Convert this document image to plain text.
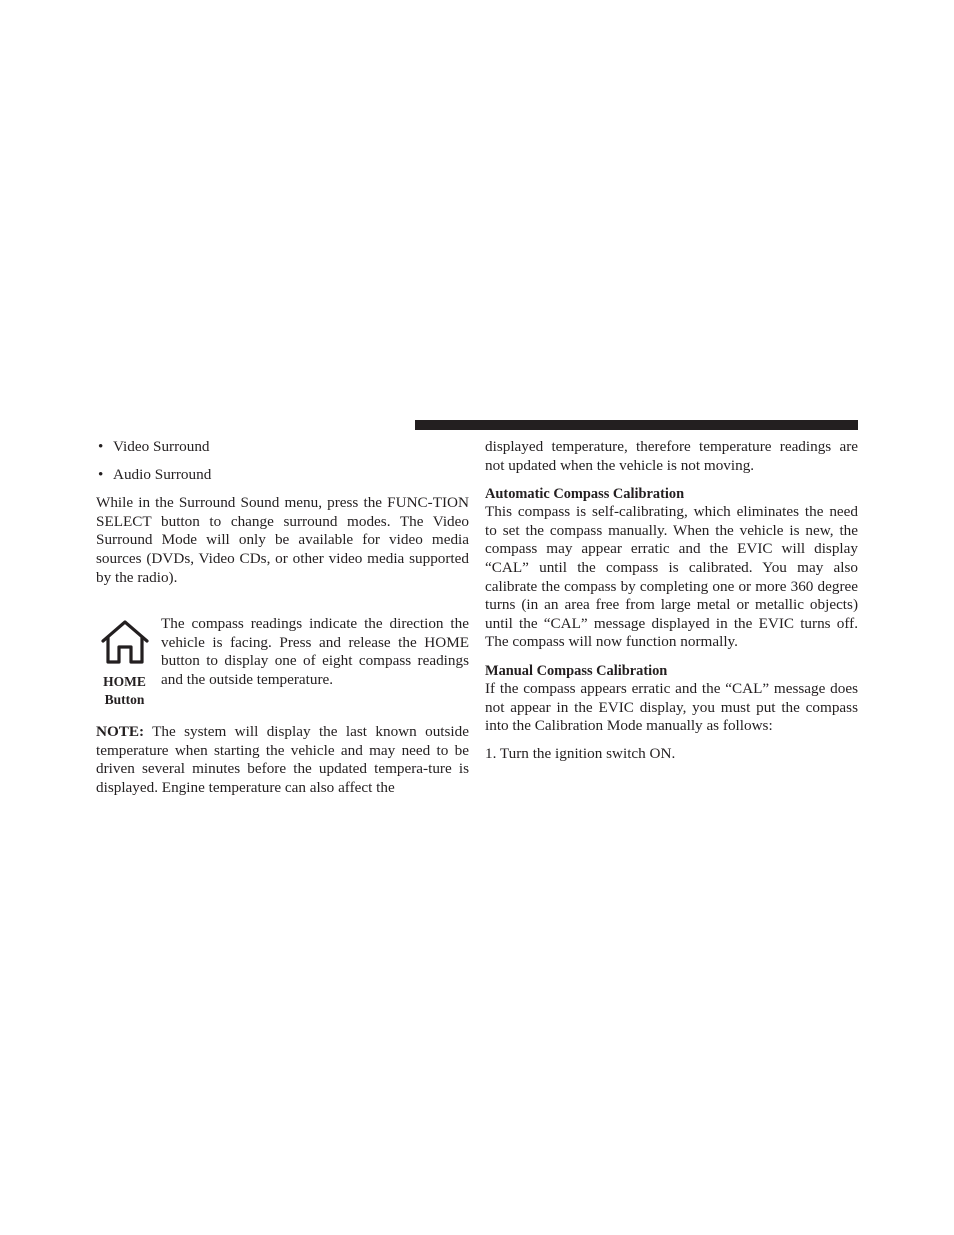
• Video Surround
• Audio Surround

While in the Surround Sound menu, press the FUNC-TION SELECT button to change surround modes. The Video Surround Mode will only be available for video media sources (DVDs, Video CDs, or other video media supported by the radio).

HOME
Button

The compass readings indicate the direction the vehicle is facing. Press and release the HOME button to display one of eight compass readings and the outside temperature.

NOTE: The system will display the last known outside temperature when starting the vehicle and may need to be driven several minutes before the updated tempera-ture is displayed. Engine temperature can also affect the

displayed temperature, therefore temperature readings are not updated when the vehicle is not moving.

Automatic Compass Calibration

This compass is self-calibrating, which eliminates the need to set the compass manually. When the vehicle is new, the compass may appear erratic and the EVIC will display “CAL” until the compass is calibrated. You may also calibrate the compass by completing one or more 360 degree turns (in an area free from large metal or metallic objects) until the “CAL” message displayed in the EVIC turns off. The compass will now function normally.

Manual Compass Calibration

If the compass appears erratic and the “CAL” message does not appear in the EVIC display, you must put the compass into the Calibration Mode manually as follows:

1. Turn the ignition switch ON.
